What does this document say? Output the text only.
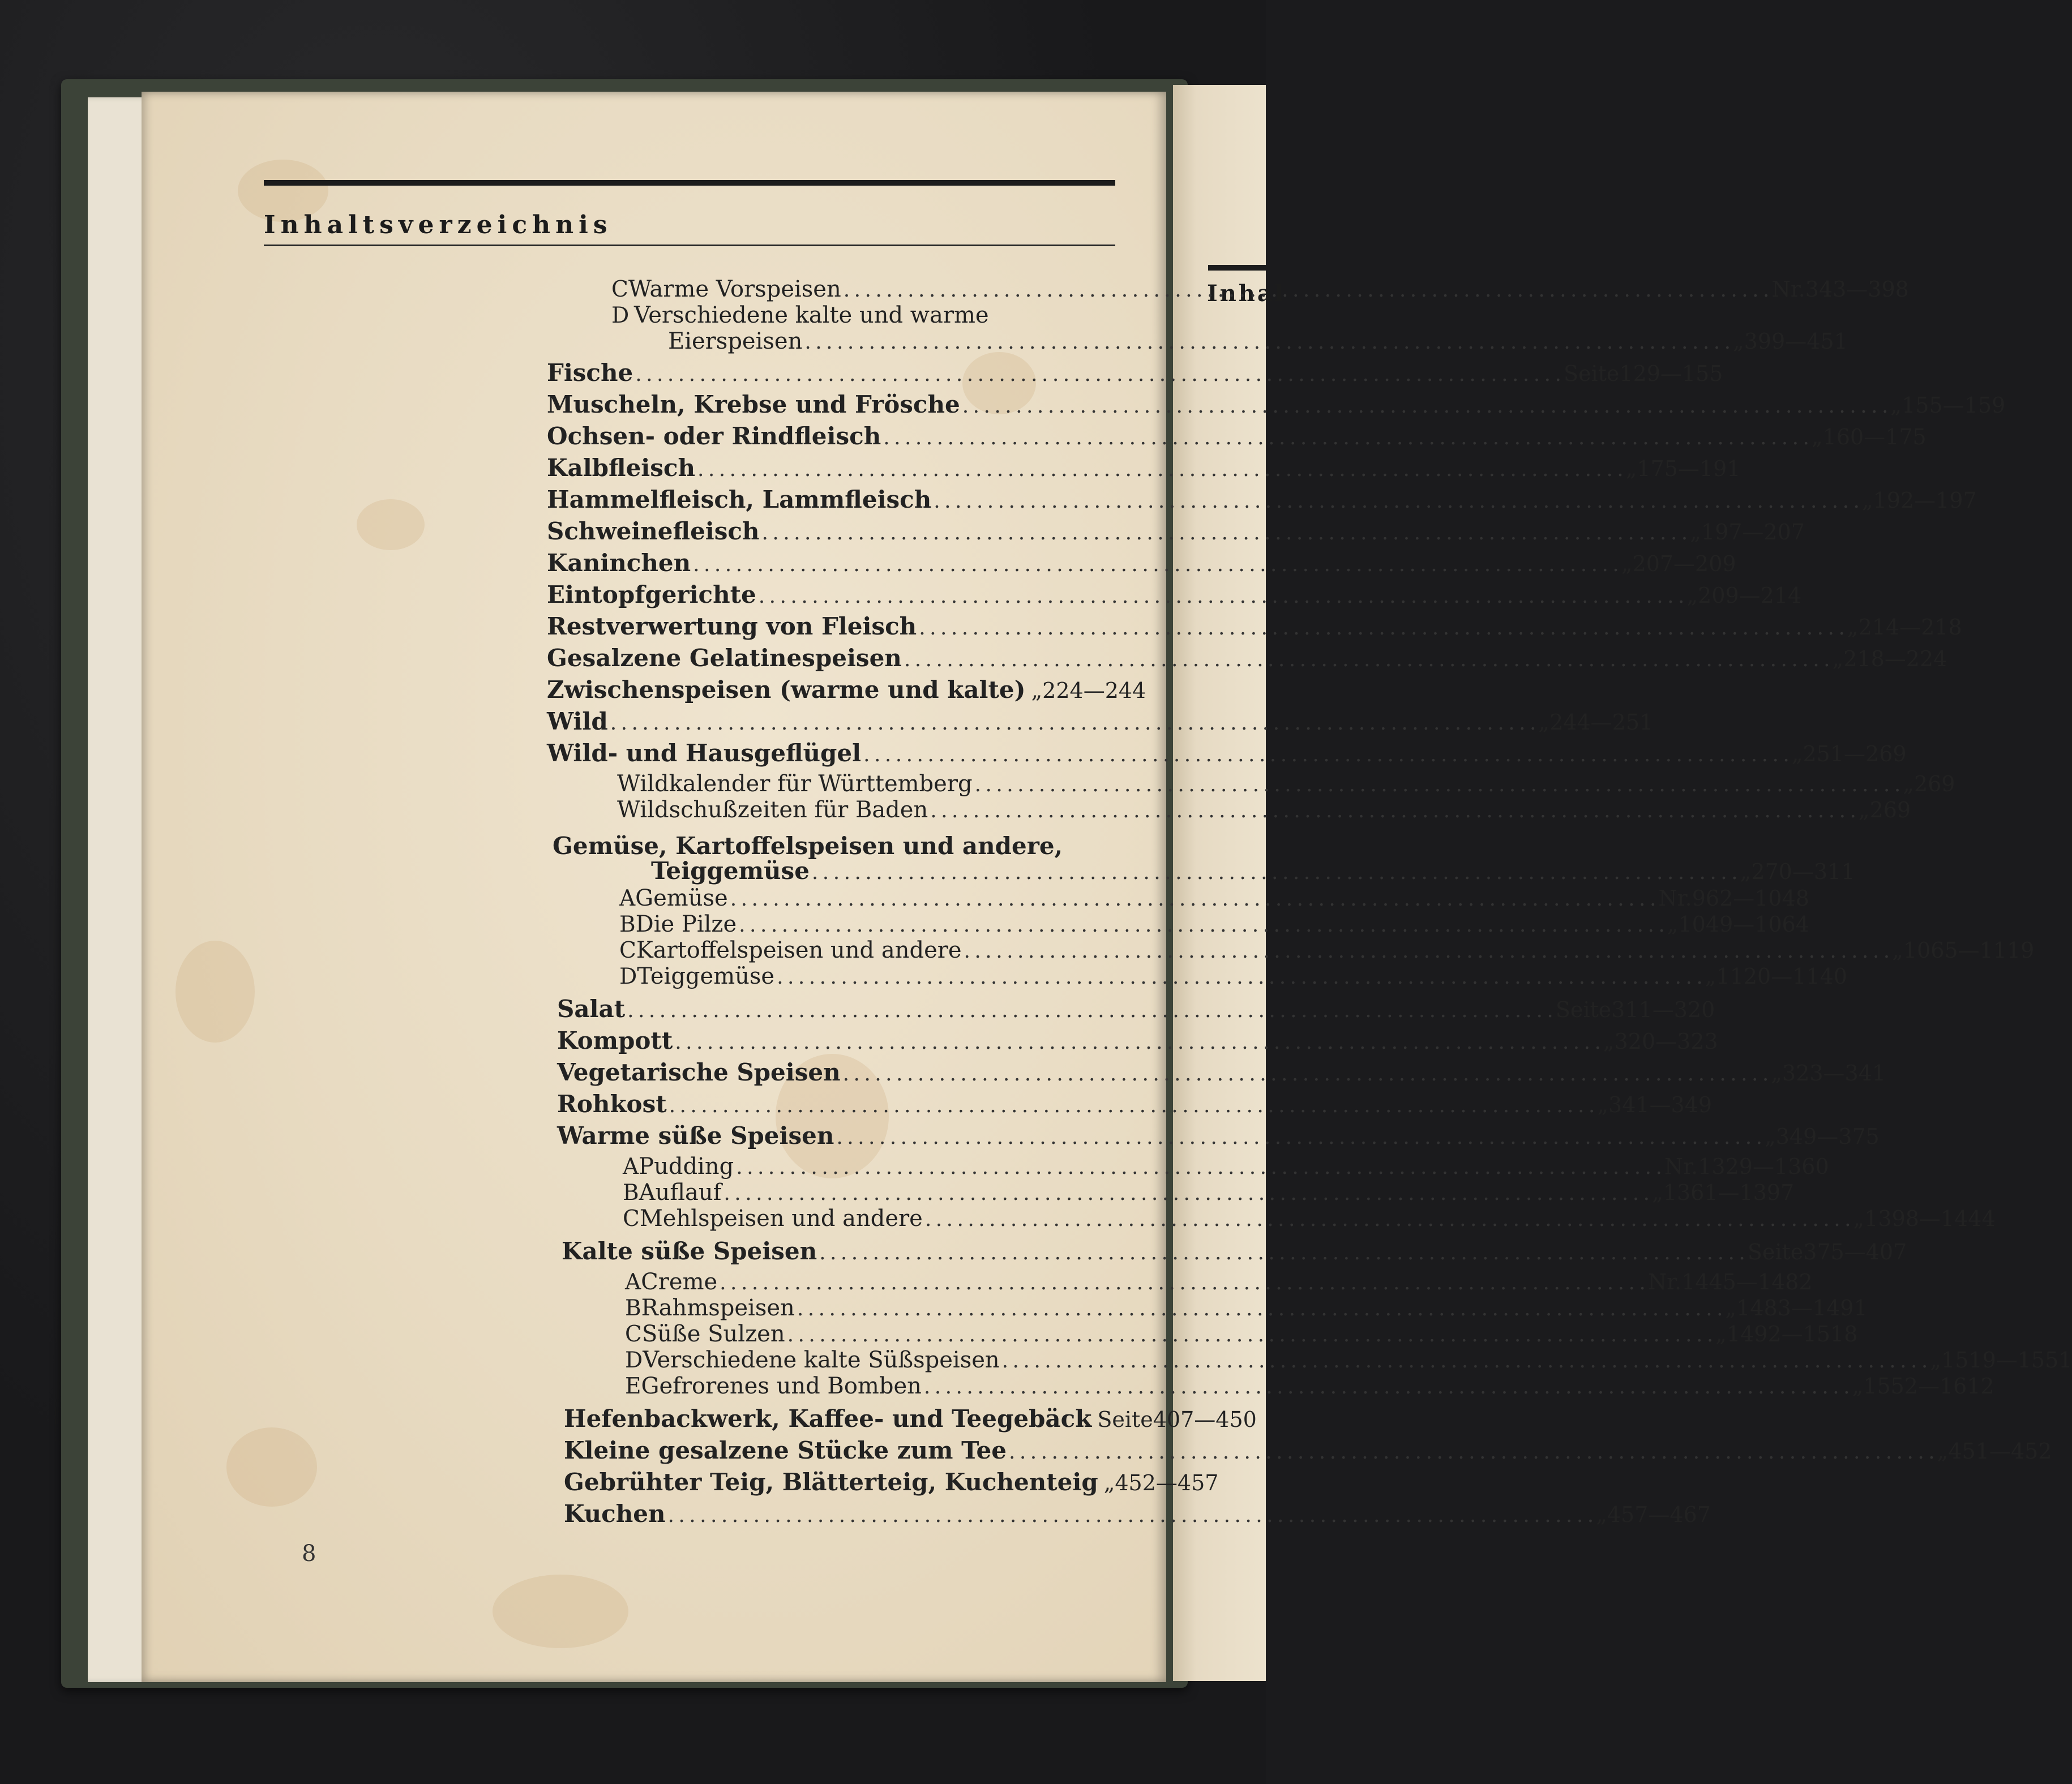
Inhal
Inhaltsverzeichnis
C Warme Vorspeisen . . .	Nr. 343—398
D Verschiedene kalte und warme
Eierspeisen . . .	„ 399—451
Fische . . .	Seite 129—155
Muscheln, Krebse und Frösche . . .	„ 155—159
Ochsen- oder Rindfleisch . . .	„ 160—175
Kalbfleisch . . .	„ 175—191
Hammelfleisch, Lammfleisch . . .	„ 192—197
Schweinefleisch . . .	„ 197—207
Kaninchen . . .	„ 207—209
Eintopfgerichte . . .	„ 209—214
Restverwertung von Fleisch . . .	„ 214—218
Gesalzene Gelatinespeisen . . .	„ 218—224
Zwischenspeisen (warme und kalte) „ 224—244
Wild . . .	„ 244—251
Wild- und Hausgeflügel . . .	„ 251—269
Wildkalender für Württemberg . . .	„ 269
Wildschußzeiten für Baden . . .	„ 269
Gemüse, Kartoffelspeisen und andere,
Teiggemüse . . .	„ 270—311
A Gemüse . . .	Nr. 962—1048
B Die Pilze . . .	„ 1049—1064
C Kartoffelspeisen und andere . . .	„ 1065—1119
D Teiggemüse . . .	„ 1120—1140
Salat . . .	Seite 311—320
Kompott . . .	„ 320—323
Vegetarische Speisen . . .	„ 323—341
Rohkost . . .	„ 341—349
Warme süße Speisen . . .	„ 349—375
A Pudding . . .	Nr. 1329—1360
B Auflauf . . .	„ 1361—1397
C Mehlspeisen und andere . . .	„ 1398—1444
Kalte süße Speisen . . .	Seite 375—407
A Creme . . .	Nr. 1445—1482
B Rahmspeisen . . .	„ 1483—1491
C Süße Sulzen . . .	„ 1492—1518
D Verschiedene kalte Süßspeisen . . .	„ 1519—1551
E Gefrorenes und Bomben . . .	„ 1552—1612
Hefenbackwerk, Kaffee- und Teegebäck Seite 407—450
Kleine gesalzene Stücke zum Tee . . .	„ 451—452
Gebrühter Teig, Blätterteig, Kuchenteig „ 452—457
Kuchen . . .	„ 457—467
8
